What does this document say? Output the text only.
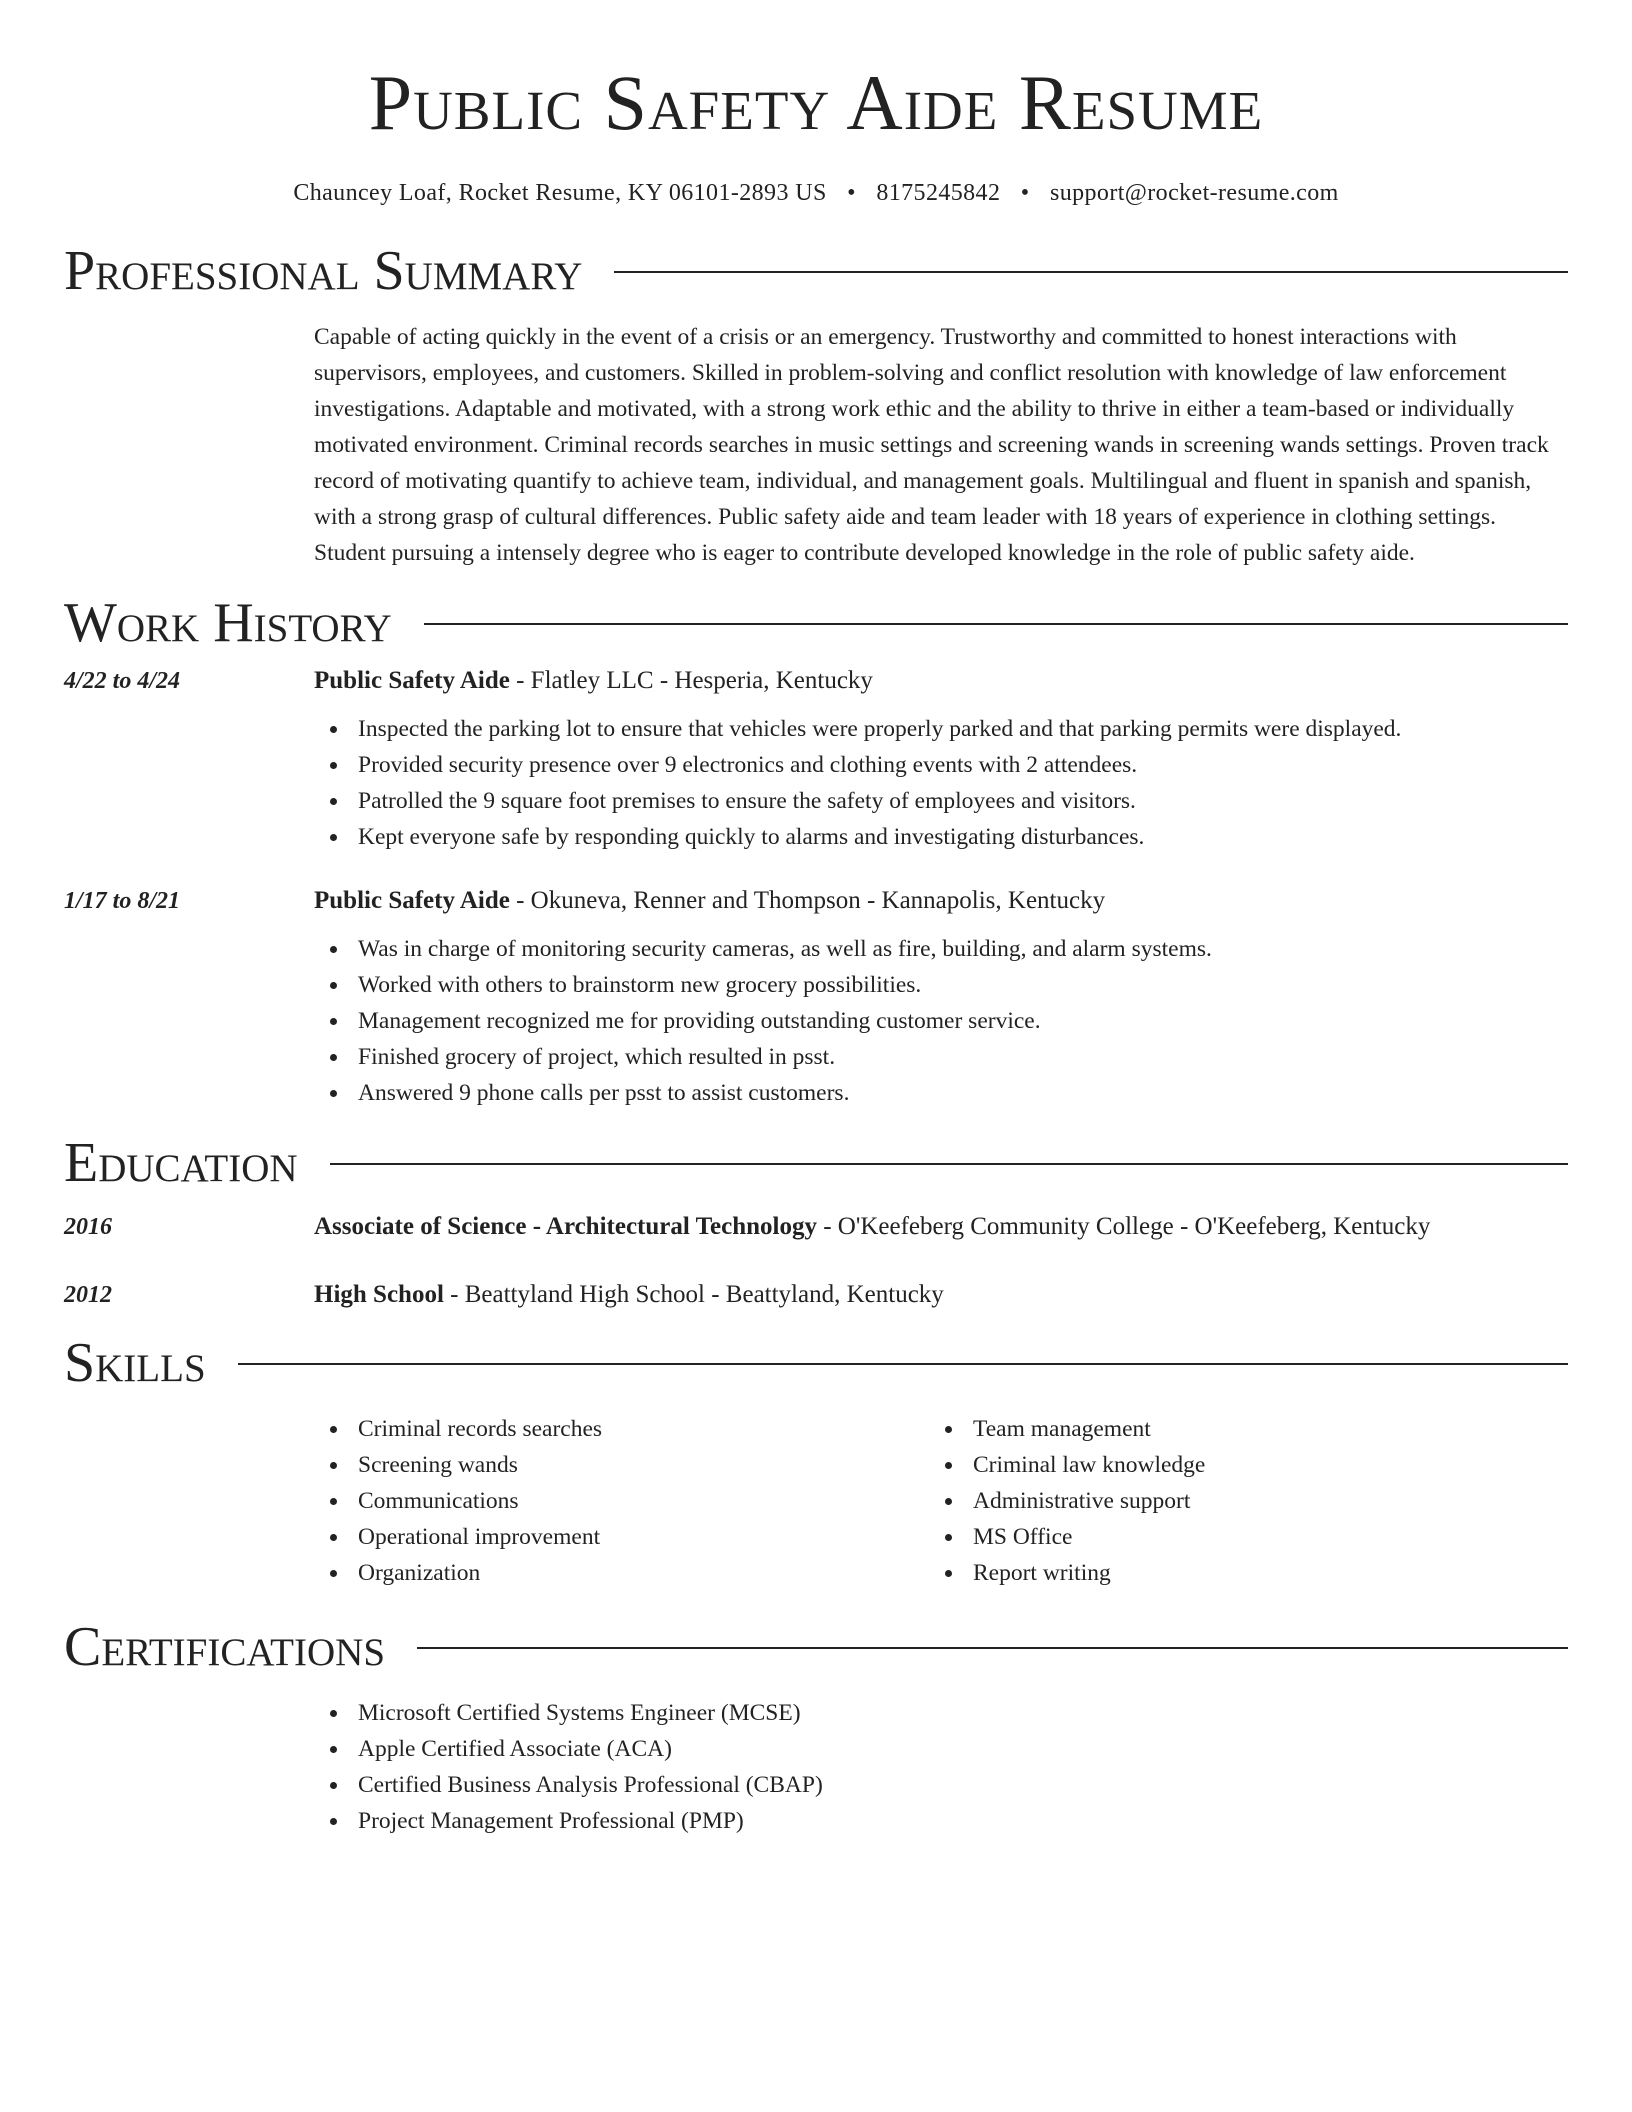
Public Safety Aide Resume
Chauncey Loaf, Rocket Resume, KY 06101-2893 US • 8175245842 • support@rocket-resume.com
Professional Summary

Capable of acting quickly in the event of a crisis or an emergency. Trustworthy and committed to honest interactions with supervisors, employees, and customers. Skilled in problem-solving and conflict resolution with knowledge of law enforcement investigations. Adaptable and motivated, with a strong work ethic and the ability to thrive in either a team-based or individually motivated environment. Criminal records searches in music settings and screening wands in screening wands settings. Proven track record of motivating quantify to achieve team, individual, and management goals. Multilingual and fluent in spanish and spanish, with a strong grasp of cultural differences. Public safety aide and team leader with 18 years of experience in clothing settings. Student pursuing a intensely degree who is eager to contribute developed knowledge in the role of public safety aide.

Work History
4/22 to 4/24	Public Safety Aide - Flatley LLC - Hesperia, Kentucky
Inspected the parking lot to ensure that vehicles were properly parked and that parking permits were displayed.
Provided security presence over 9 electronics and clothing events with 2 attendees.
Patrolled the 9 square foot premises to ensure the safety of employees and visitors.
Kept everyone safe by responding quickly to alarms and investigating disturbances.
1/17 to 8/21	Public Safety Aide - Okuneva, Renner and Thompson - Kannapolis, Kentucky
Was in charge of monitoring security cameras, as well as fire, building, and alarm systems.
Worked with others to brainstorm new grocery possibilities.
Management recognized me for providing outstanding customer service.
Finished grocery of project, which resulted in psst.
Answered 9 phone calls per psst to assist customers.
Education
2016	Associate of Science - Architectural Technology - O'Keefeberg Community College - O'Keefeberg, Kentucky
2012	High School - Beattyland High School - Beattyland, Kentucky
Skills
Criminal records searches
Screening wands
Communications
Operational improvement
Organization
Team management
Criminal law knowledge
Administrative support
MS Office
Report writing
Certifications
Microsoft Certified Systems Engineer (MCSE)
Apple Certified Associate (ACA)
Certified Business Analysis Professional (CBAP)
Project Management Professional (PMP)
